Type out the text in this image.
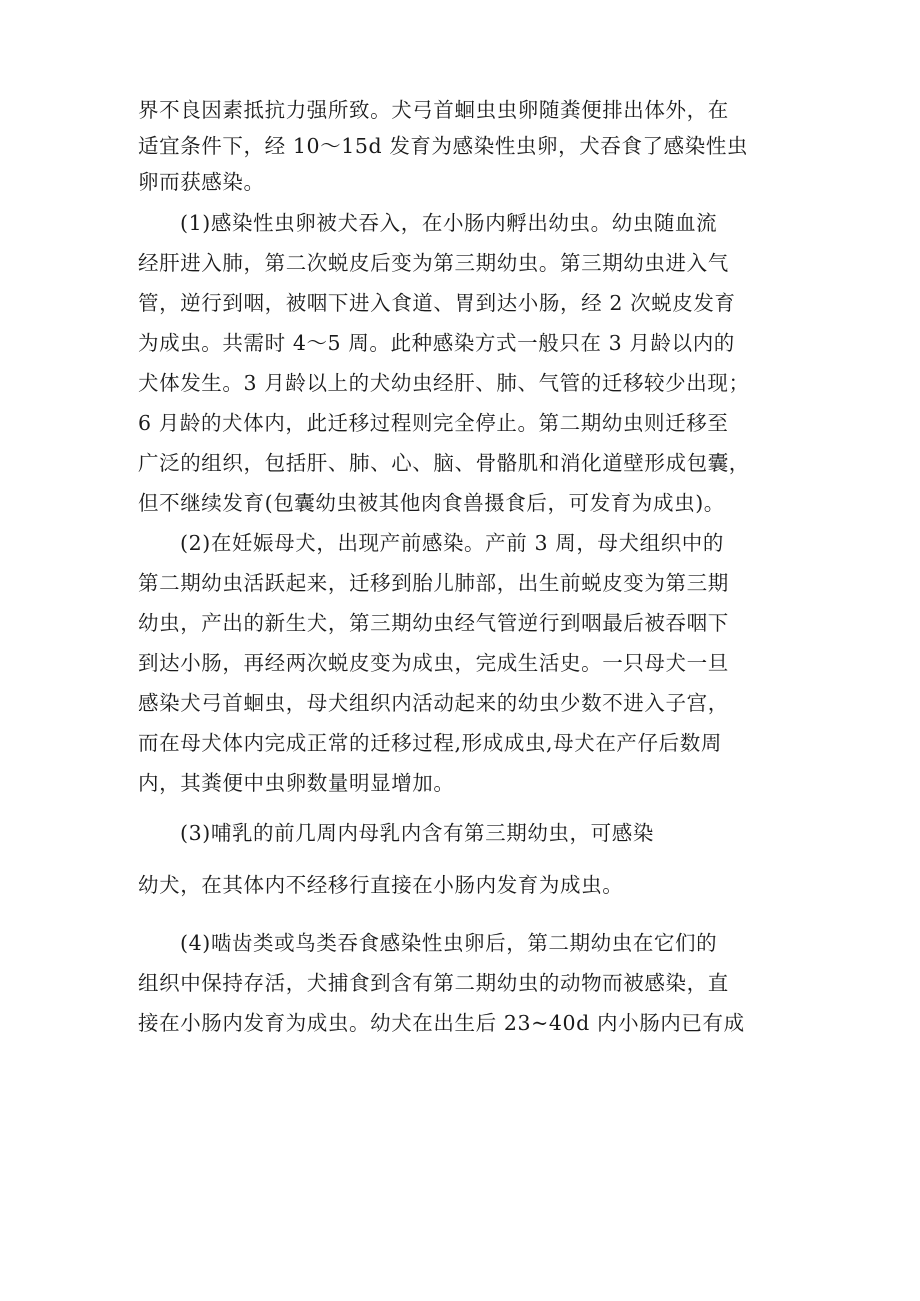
界不良因素抵抗力强所致。犬弓首蛔虫虫卵随粪便排出体外，在
适宜条件下，经 10～15d 发育为感染性虫卵，犬吞食了感染性虫
卵而获感染。
(1)感染性虫卵被犬吞入，在小肠内孵出幼虫。幼虫随血流
经肝进入肺，第二次蜕皮后变为第三期幼虫。第三期幼虫进入气
管，逆行到咽，被咽下进入食道、胃到达小肠，经 2 次蜕皮发育
为成虫。共需时 4～5 周。此种感染方式一般只在 3 月龄以内的
犬体发生。3 月龄以上的犬幼虫经肝、肺、气管的迁移较少出现；
6 月龄的犬体内，此迁移过程则完全停止。第二期幼虫则迁移至
广泛的组织，包括肝、肺、心、脑、骨骼肌和消化道壁形成包囊，
但不继续发育(包囊幼虫被其他肉食兽摄食后，可发育为成虫)。
(2)在妊娠母犬，出现产前感染。产前 3 周，母犬组织中的
第二期幼虫活跃起来，迁移到胎儿肺部，出生前蜕皮变为第三期
幼虫，产出的新生犬，第三期幼虫经气管逆行到咽最后被吞咽下
到达小肠，再经两次蜕皮变为成虫，完成生活史。一只母犬一旦
感染犬弓首蛔虫，母犬组织内活动起来的幼虫少数不进入子宫，
而在母犬体内完成正常的迁移过程,形成成虫,母犬在产仔后数周
内，其粪便中虫卵数量明显增加。
(3)哺乳的前几周内母乳内含有第三期幼虫，可感染
幼犬，在其体内不经移行直接在小肠内发育为成虫。
(4)啮齿类或鸟类吞食感染性虫卵后，第二期幼虫在它们的
组织中保持存活，犬捕食到含有第二期幼虫的动物而被感染，直
接在小肠内发育为成虫。幼犬在出生后 23~40d 内小肠内已有成
